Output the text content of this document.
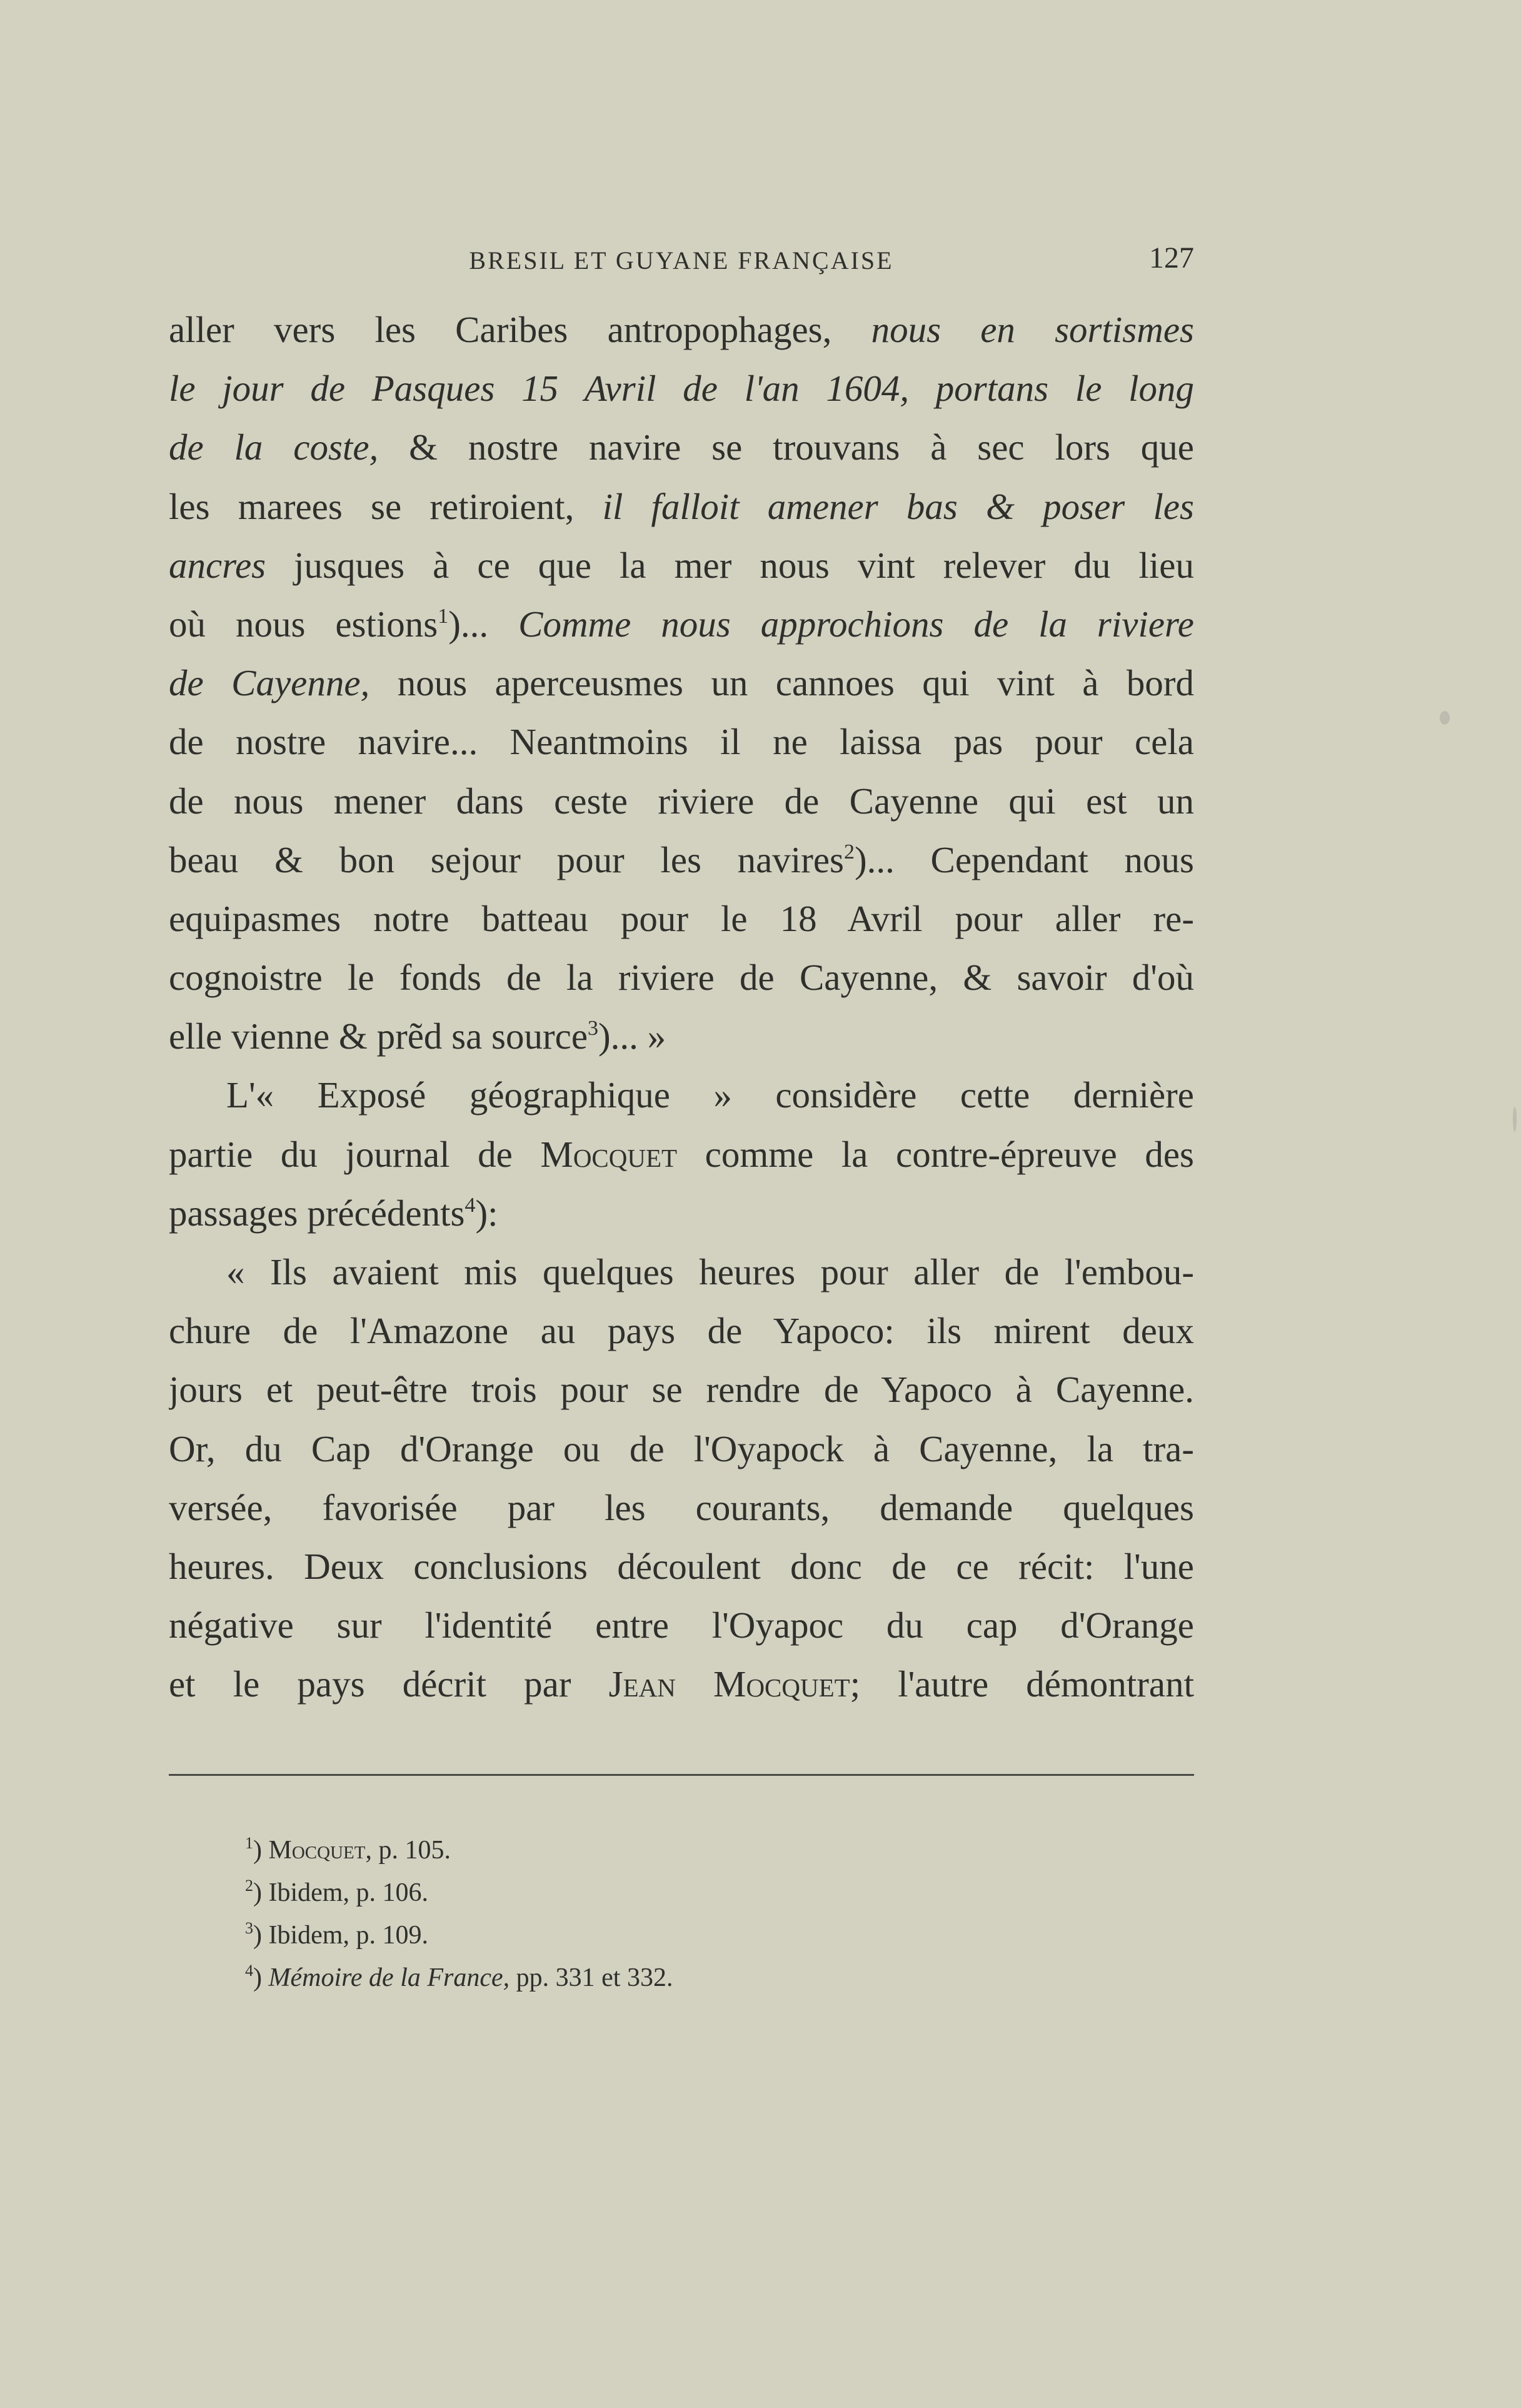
BRESIL ET GUYANE FRANÇAISE	127
aller vers les Caribes antropophages, nous en sortismes
le jour de Pasques 15 Avril de l'an 1604, portans le long
de la coste, & nostre navire se trouvans à sec lors que
les marees se retiroient, il falloit amener bas & poser les
ancres jusques à ce que la mer nous vint relever du lieu
où nous estions$^1$)... Comme nous approchions de la riviere
de Cayenne, nous aperceusmes un cannoes qui vint à bord
de nostre navire... Neantmoins il ne laissa pas pour cela
de nous mener dans ceste riviere de Cayenne qui est un
beau & bon sejour pour les navires$^2$)... Cependant nous
equipasmes notre batteau pour le 18 Avril pour aller re-
cognoistre le fonds de la riviere de Cayenne, & savoir d'où
elle vienne & prẽd sa source$^3$)... »
L'« Exposé géographique » considère cette dernière
partie du journal de Mocquet comme la contre-épreuve des
passages précédents$^4$):
« Ils avaient mis quelques heures pour aller de l'embou-
chure de l'Amazone au pays de Yapoco: ils mirent deux
jours et peut-être trois pour se rendre de Yapoco à Cayenne.
Or, du Cap d'Orange ou de l'Oyapock à Cayenne, la tra-
versée, favorisée par les courants, demande quelques
heures. Deux conclusions découlent donc de ce récit: l'une
négative sur l'identité entre l'Oyapoc du cap d'Orange
et le pays décrit par Jean Mocquet; l'autre démontrant
$^1$) Mocquet, p. 105.
$^2$) Ibidem, p. 106.
$^3$) Ibidem, p. 109.
$^4$) Mémoire de la France, pp. 331 et 332.
